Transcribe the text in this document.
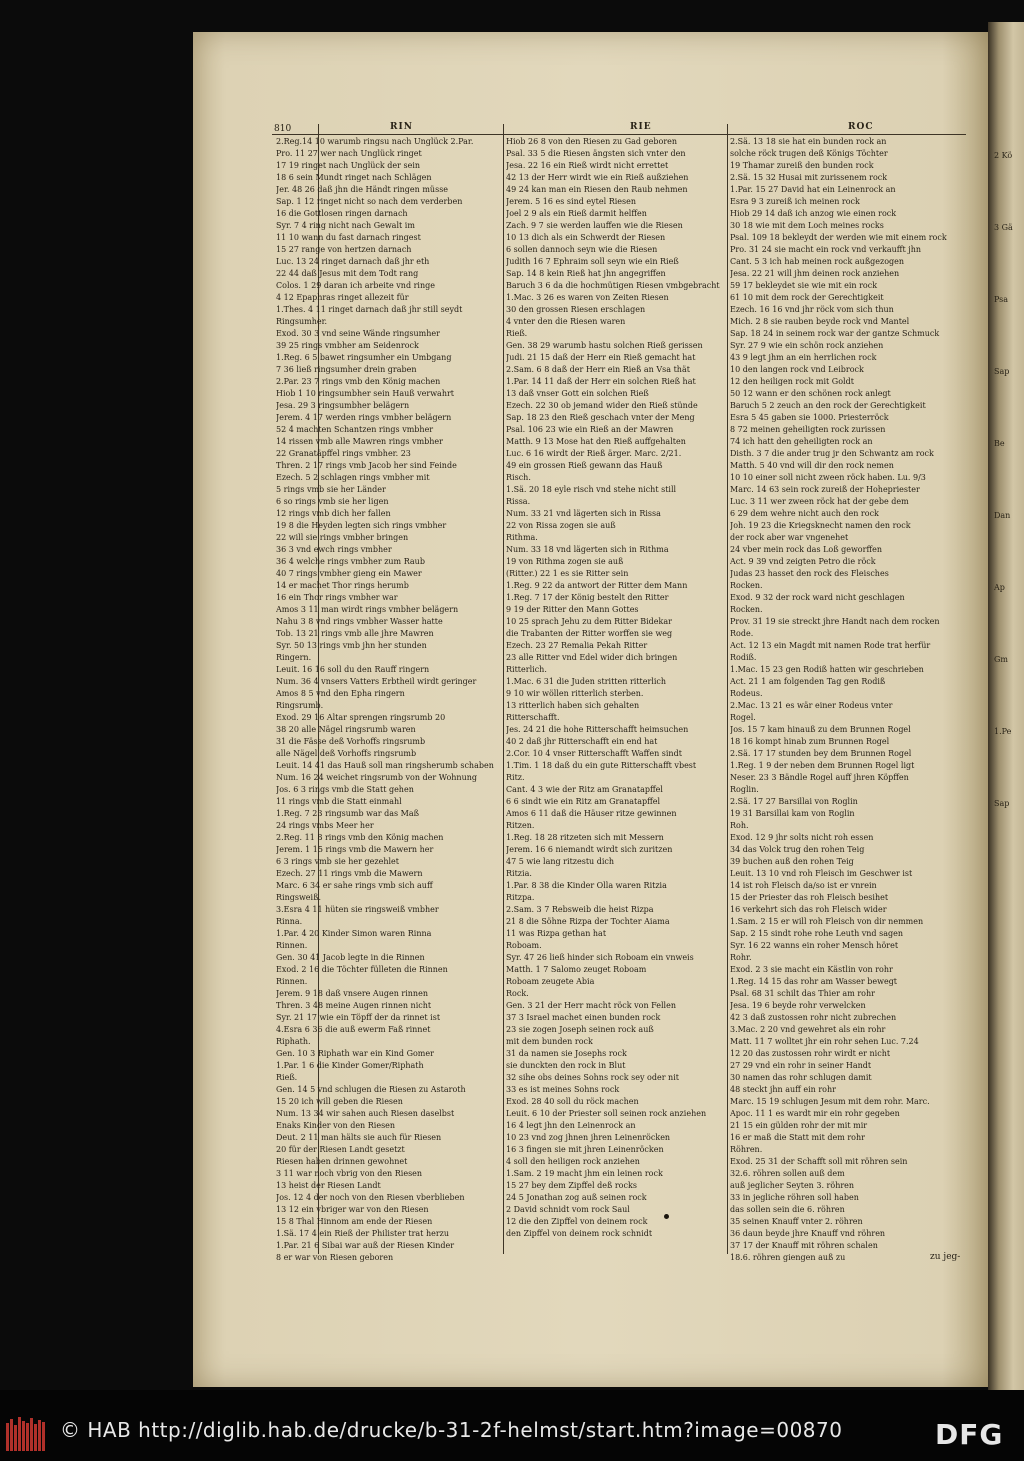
2 Kö
3 Gä
Psa
Sap
Be
Dan
Ap
Gm
1.Pe
Sap
810	RIN	RIE	ROC
2.Reg.14 10 warumb ringsu nach Unglück 2.Par.
Pro. 11 27 wer nach Unglück ringet
17 19 ringet nach Unglück der sein
18 6 sein Mundt ringet nach Schlägen
Jer. 48 26 daß jhn die Händt ringen müsse
Sap. 1 12 ringet nicht so nach dem verderben
16 die Gottlosen ringen darnach
Syr. 7 4 ring nicht nach Gewalt im
11 10 wann du fast darnach ringest
15 27 range von hertzen darnach
Luc. 13 24 ringet darnach daß jhr eth
22 44 daß Jesus mit dem Todt rang
Colos. 1 29 daran ich arbeite vnd ringe
4 12 Epaphras ringet allezeit für
1.Thes. 4 11 ringet darnach daß jhr still seydt
Ringsumher.
Exod. 30 3 vnd seine Wände ringsumher
39 25 rings vmbher am Seidenrock
1.Reg. 6 5 bawet ringsumher ein Umbgang
7 36 ließ ringsumher drein graben
2.Par. 23 7 rings vmb den König machen
Hiob 1 10 ringsumbher sein Hauß verwahrt
Jesa. 29 3 ringsumbher belägern
Jerem. 4 17 werden rings vmbher belägern
52 4 machten Schantzen rings vmbher
14 rissen vmb alle Mawren rings vmbher
22 Granatäpffel rings vmbher. 23
Thren. 2 17 rings vmb Jacob her sind Feinde
Ezech. 5 2 schlagen rings vmbher mit
5 rings vmb sie her Länder
6 so rings vmb sie her ligen
12 rings vmb dich her fallen
19 8 die Heyden legten sich rings vmbher
22 will sie rings vmbher bringen
36 3 vnd ewch rings vmbher
36 4 welche rings vmbher zum Raub
40 7 rings vmbher gieng ein Mawer
14 er machet Thor rings herumb
16 ein Thor rings vmbher war
Amos 3 11 man wirdt rings vmbher belägern
Nahu 3 8 vnd rings vmbher Wasser hatte
Tob. 13 21 rings vmb alle jhre Mawren
Syr. 50 13 rings vmb jhn her stunden
Ringern.
Leuit. 16 16 soll du den Rauff ringern
Num. 36 4 vnsers Vatters Erbtheil wirdt geringer
Amos 8 5 vnd den Epha ringern
Ringsrumb.
Exod. 29 16 Altar sprengen ringsrumb 20
38 20 alle Nägel ringsrumb waren
31 die Fässe deß Vorhoffs ringsrumb
alle Nägel deß Vorhoffs ringsrumb
Leuit. 14 41 das Hauß soll man ringsherumb schaben
Num. 16 24 weichet ringsrumb von der Wohnung
Jos. 6 3 rings vmb die Statt gehen
11 rings vmb die Statt einmahl
1.Reg. 7 23 ringsumb war das Maß
24 rings vmbs Meer her
2.Reg. 11 8 rings vmb den König machen
Jerem. 1 15 rings vmb die Mawern her
6 3 rings vmb sie her gezehlet
Ezech. 27 11 rings vmb die Mawern
Marc. 6 34 er sahe rings vmb sich auff
Ringsweiß.
3.Esra 4 11 hüten sie ringsweiß vmbher
Rinna.
1.Par. 4 20 Kinder Simon waren Rinna
Rinnen.
Gen. 30 41 Jacob legte in die Rinnen
Exod. 2 16 die Töchter fülleten die Rinnen
Rinnen.
Jerem. 9 18 daß vnsere Augen rinnen
Thren. 3 48 meine Augen rinnen nicht
Syr. 21 17 wie ein Töpff der da rinnet ist
4.Esra 6 36 die auß ewerm Faß rinnet
Riphath.
Gen. 10 3 Riphath war ein Kind Gomer
1.Par. 1 6 die Kinder Gomer/Riphath
Rieß.
Gen. 14 5 vnd schlugen die Riesen zu Astaroth
15 20 ich will geben die Riesen
Num. 13 34 wir sahen auch Riesen daselbst
Enaks Kinder von den Riesen
Deut. 2 11 man hälts sie auch für Riesen
20 für der Riesen Landt gesetzt
Riesen haben drinnen gewohnet
3 11 war noch vbrig von den Riesen
13 heist der Riesen Landt
Jos. 12 4 der noch von den Riesen vberblieben
13 12 ein vbriger war von den Riesen
15 8 Thal Hinnom am ende der Riesen
1.Sä. 17 4 ein Rieß der Philister trat herzu
1.Par. 21 6 Sibai war auß der Riesen Kinder
8 er war von Riesen geboren
Hiob 26 8 von den Riesen zu Gad geboren
Psal. 33 5 die Riesen ängsten sich vnter den
Jesa. 22 16 ein Rieß wirdt nicht errettet
42 13 der Herr wirdt wie ein Rieß außziehen
49 24 kan man ein Riesen den Raub nehmen
Jerem. 5 16 es sind eytel Riesen
Joel 2 9 als ein Rieß darmit helffen
Zach. 9 7 sie werden lauffen wie die Riesen
10 13 dich als ein Schwerdt der Riesen
6 sollen dannoch seyn wie die Riesen
Judith 16 7 Ephraim soll seyn wie ein Rieß
Sap. 14 8 kein Rieß hat jhn angegriffen
Baruch 3 6 da die hochmütigen Riesen vmbgebracht
1.Mac. 3 26 es waren von Zeiten Riesen
30 den grossen Riesen erschlagen
4 vnter den die Riesen waren
Rieß.
Gen. 38 29 warumb hastu solchen Rieß gerissen
Judi. 21 15 daß der Herr ein Rieß gemacht hat
2.Sam. 6 8 daß der Herr ein Rieß an Vsa thät
1.Par. 14 11 daß der Herr ein solchen Rieß hat
13 daß vnser Gott ein solchen Rieß
Ezech. 22 30 ob jemand wider den Rieß stünde
Sap. 18 23 den Rieß geschach vnter der Meng
Psal. 106 23 wie ein Rieß an der Mawren
Matth. 9 13 Mose hat den Rieß auffgehalten
Luc. 6 16 wirdt der Rieß ärger. Marc. 2/21.
49 ein grossen Rieß gewann das Hauß
Risch.
1.Sä. 20 18 eyle risch vnd stehe nicht still
Rissa.
Num. 33 21 vnd lägerten sich in Rissa
22 von Rissa zogen sie auß
Rithma.
Num. 33 18 vnd lägerten sich in Rithma
19 von Rithma zogen sie auß
(Ritter.) 22 1 es sie Ritter sein
1.Reg. 9 22 da antwort der Ritter dem Mann
1.Reg. 7 17 der König bestelt den Ritter
9 19 der Ritter den Mann Gottes
10 25 sprach Jehu zu dem Ritter Bidekar
die Trabanten der Ritter worffen sie weg
Ezech. 23 27 Remalia Pekah Ritter
23 alle Ritter vnd Edel wider dich bringen
Ritterlich.
1.Mac. 6 31 die Juden stritten ritterlich
9 10 wir wöllen ritterlich sterben.
13 ritterlich haben sich gehalten
Ritterschafft.
Jes. 24 21 die hohe Ritterschafft heimsuchen
40 2 daß jhr Ritterschafft ein end hat
2.Cor. 10 4 vnser Ritterschafft Waffen sindt
1.Tim. 1 18 daß du ein gute Ritterschafft vbest
Ritz.
Cant. 4 3 wie der Ritz am Granatapffel
6 6 sindt wie ein Ritz am Granatapffel
Amos 6 11 daß die Häuser ritze gewinnen
Ritzen.
1.Reg. 18 28 ritzeten sich mit Messern
Jerem. 16 6 niemandt wirdt sich zuritzen
47 5 wie lang ritzestu dich
Ritzia.
1.Par. 8 38 die Kinder Olla waren Ritzia
Ritzpa.
2.Sam. 3 7 Rebsweib die heist Rizpa
21 8 die Söhne Rizpa der Tochter Aiama
11 was Rizpa gethan hat
Roboam.
Syr. 47 26 ließ hinder sich Roboam ein vnweis
Matth. 1 7 Salomo zeuget Roboam
Roboam zeugete Abia
Rock.
Gen. 3 21 der Herr macht röck von Fellen
37 3 Israel machet einen bunden rock
23 sie zogen Joseph seinen rock auß
mit dem bunden rock
31 da namen sie Josephs rock
sie dunckten den rock in Blut
32 sihe obs deines Sohns rock sey oder nit
33 es ist meines Sohns rock
Exod. 28 40 soll du röck machen
Leuit. 6 10 der Priester soll seinen rock anziehen
16 4 legt jhn den Leinenrock an
10 23 vnd zog jhnen jhren Leinenröcken
16 3 fingen sie mit jhren Leinenröcken
4 soll den heiligen rock anziehen
1.Sam. 2 19 macht jhm ein leinen rock
15 27 bey dem Zipffel deß rocks
24 5 Jonathan zog auß seinen rock
2 David schnidt vom rock Saul
12 die den Zipffel von deinem rock
den Zipffel von deinem rock schnidt
2.Sä. 13 18 sie hat ein bunden rock an
solche röck trugen deß Königs Töchter
19 Thamar zureiß den bunden rock
2.Sä. 15 32 Husai mit zurissenem rock
1.Par. 15 27 David hat ein Leinenrock an
Esra 9 3 zureiß ich meinen rock
Hiob 29 14 daß ich anzog wie einen rock
30 18 wie mit dem Loch meines rocks
Psal. 109 18 bekleydt der werden wie mit einem rock
Pro. 31 24 sie macht ein rock vnd verkaufft jhn
Cant. 5 3 ich hab meinen rock außgezogen
Jesa. 22 21 will jhm deinen rock anziehen
59 17 bekleydet sie wie mit ein rock
61 10 mit dem rock der Gerechtigkeit
Ezech. 16 16 vnd jhr röck vom sich thun
Mich. 2 8 sie rauben beyde rock vnd Mantel
Sap. 18 24 in seinem rock war der gantze Schmuck
Syr. 27 9 wie ein schön rock anziehen
43 9 legt jhm an ein herrlichen rock
10 den langen rock vnd Leibrock
12 den heiligen rock mit Goldt
50 12 wann er den schönen rock anlegt
Baruch 5 2 zeuch an den rock der Gerechtigkeit
Esra 5 45 gaben sie 1000. Priesterröck
8 72 meinen geheiligten rock zurissen
74 ich hatt den geheiligten rock an
Disth. 3 7 die ander trug jr den Schwantz am rock
Matth. 5 40 vnd will dir den rock nemen
10 10 einer soll nicht zween röck haben. Lu. 9/3
Marc. 14 63 sein rock zureiß der Hohepriester
Luc. 3 11 wer zween röck hat der gebe dem
6 29 dem wehre nicht auch den rock
Joh. 19 23 die Kriegsknecht namen den rock
der rock aber war vngenehet
24 vber mein rock das Loß geworffen
Act. 9 39 vnd zeigten Petro die röck
Judas 23 hasset den rock des Fleisches
Rocken.
Exod. 9 32 der rock ward nicht geschlagen
Rocken.
Prov. 31 19 sie streckt jhre Handt nach dem rocken
Rode.
Act. 12 13 ein Magdt mit namen Rode trat herfür
Rodiß.
1.Mac. 15 23 gen Rodiß hatten wir geschrieben
Act. 21 1 am folgenden Tag gen Rodiß
Rodeus.
2.Mac. 13 21 es wär einer Rodeus vnter
Rogel.
Jos. 15 7 kam hinauß zu dem Brunnen Rogel
18 16 kompt hinab zum Brunnen Rogel
2.Sä. 17 17 stunden bey dem Brunnen Rogel
1.Reg. 1 9 der neben dem Brunnen Rogel ligt
Neser. 23 3 Bändle Rogel auff jhren Köpffen
Roglin.
2.Sä. 17 27 Barsillai von Roglin
19 31 Barsillai kam von Roglin
Roh.
Exod. 12 9 jhr solts nicht roh essen
34 das Volck trug den rohen Teig
39 buchen auß den rohen Teig
Leuit. 13 10 vnd roh Fleisch im Geschwer ist
14 ist roh Fleisch da/so ist er vnrein
15 der Priester das roh Fleisch besihet
16 verkehrt sich das roh Fleisch wider
1.Sam. 2 15 er will roh Fleisch von dir nemmen
Sap. 2 15 sindt rohe rohe Leuth vnd sagen
Syr. 16 22 wanns ein roher Mensch höret
Rohr.
Exod. 2 3 sie macht ein Kästlin von rohr
1.Reg. 14 15 das rohr am Wasser bewegt
Psal. 68 31 schilt das Thier am rohr
Jesa. 19 6 beyde rohr verwelcken
42 3 daß zustossen rohr nicht zubrechen
3.Mac. 2 20 vnd gewehret als ein rohr
Matt. 11 7 wolltet jhr ein rohr sehen Luc. 7.24
12 20 das zustossen rohr wirdt er nicht
27 29 vnd ein rohr in seiner Handt
30 namen das rohr schlugen damit
48 steckt jhn auff ein rohr
Marc. 15 19 schlugen Jesum mit dem rohr. Marc.
Apoc. 11 1 es wardt mir ein rohr gegeben
21 15 ein gülden rohr der mit mir
16 er maß die Statt mit dem rohr
Röhren.
Exod. 25 31 der Schafft soll mit röhren sein
32.6. röhren sollen auß dem
auß jeglicher Seyten 3. röhren
33 in jegliche röhren soll haben
das sollen sein die 6. röhren
35 seinen Knauff vnter 2. röhren
36 daun beyde jhre Knauff vnd röhren
37 17 der Knauff mit röhren schalen
18.6. röhren giengen auß zu	zu jeg-
© HAB http://diglib.hab.de/drucke/b-31-2f-helmst/start.htm?image=00870	DFG
